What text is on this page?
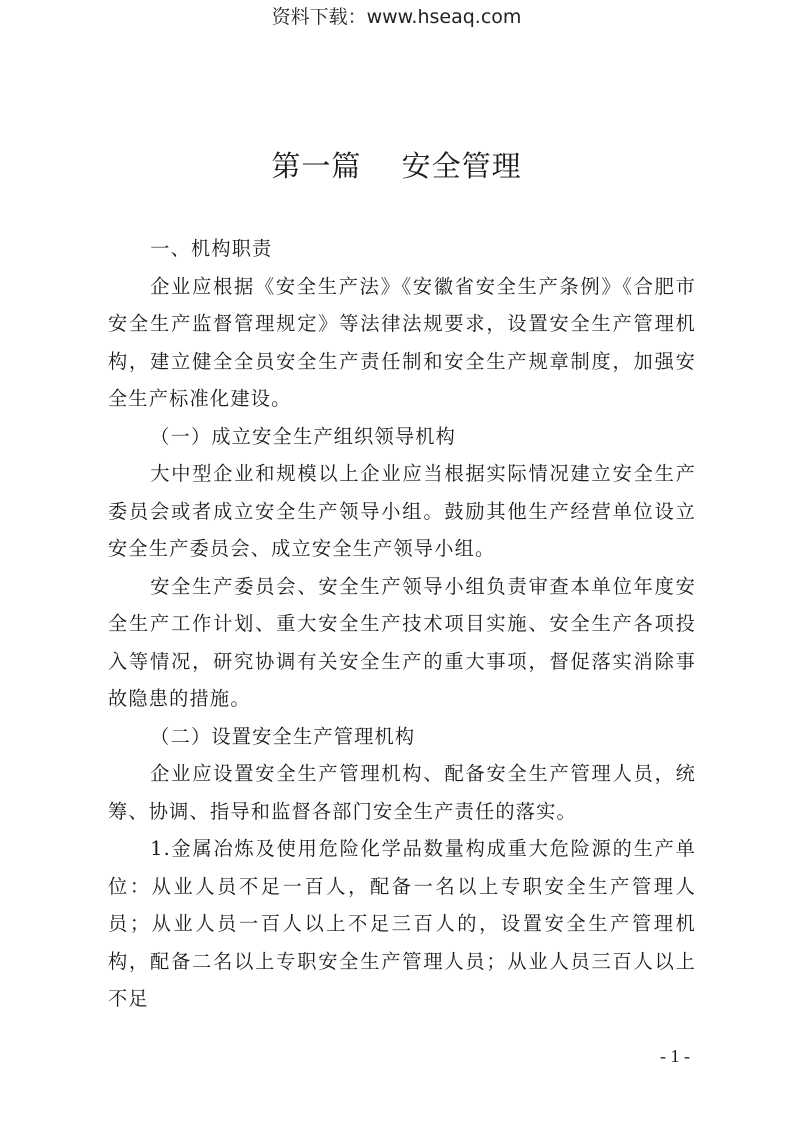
资料下载：www.hseaq.com
第一篇　 安全管理

一、机构职责

企业应根据《安全生产法》《安徽省安全生产条例》《合肥市安全生产监督管理规定》等法律法规要求，设置安全生产管理机构，建立健全全员安全生产责任制和安全生产规章制度，加强安全生产标准化建设。

（一）成立安全生产组织领导机构

大中型企业和规模以上企业应当根据实际情况建立安全生产委员会或者成立安全生产领导小组。鼓励其他生产经营单位设立安全生产委员会、成立安全生产领导小组。

安全生产委员会、安全生产领导小组负责审查本单位年度安全生产工作计划、重大安全生产技术项目实施、安全生产各项投入等情况，研究协调有关安全生产的重大事项，督促落实消除事故隐患的措施。

（二）设置安全生产管理机构

企业应设置安全生产管理机构、配备安全生产管理人员，统筹、协调、指导和监督各部门安全生产责任的落实。

1.金属冶炼及使用危险化学品数量构成重大危险源的生产单位：从业人员不足一百人，配备一名以上专职安全生产管理人员；从业人员一百人以上不足三百人的，设置安全生产管理机构，配备二名以上专职安全生产管理人员；从业人员三百人以上不足

- 1 -
